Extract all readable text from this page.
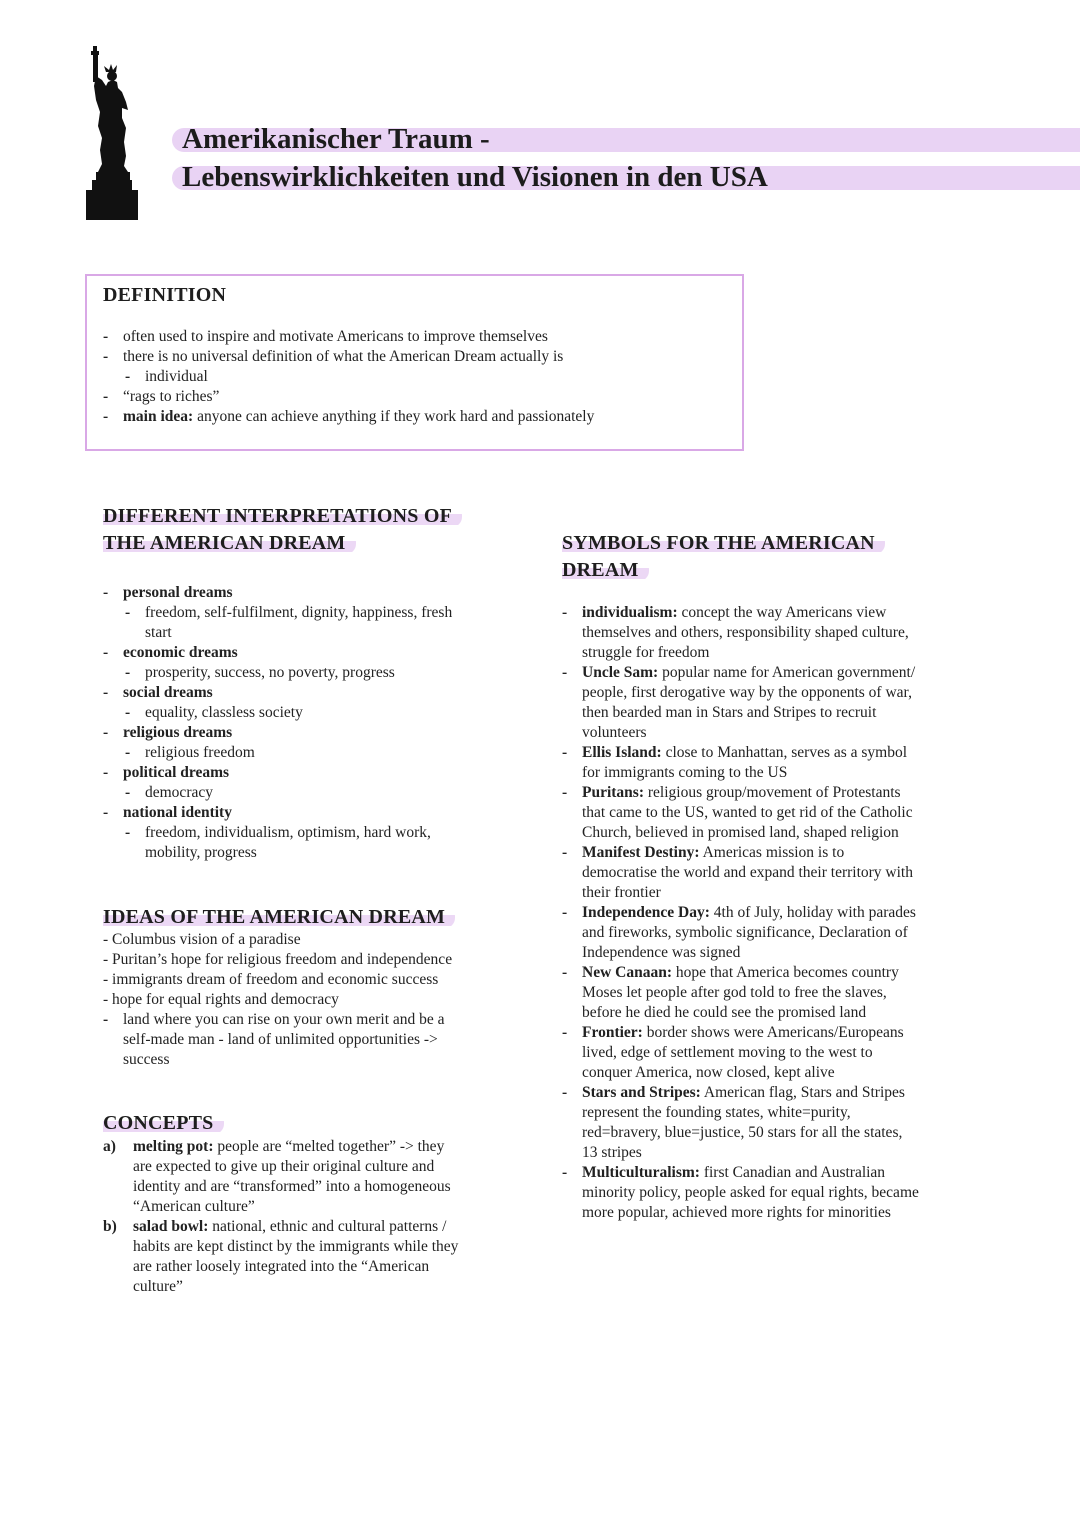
Amerikanischer Traum -
Lebenswirklichkeiten und Visionen in den USA
DEFINITION
- often used to inspire and motivate Americans to improve themselves
- there is no universal definition of what the American Dream actually is
- individual
- “rags to riches”
- main idea: anyone can achieve anything if they work hard and passionately
DIFFERENT INTERPRETATIONS OF
THE AMERICAN DREAM
- personal dreams
- freedom, self-fulfilment, dignity, happiness, fresh
start
- economic dreams
- prosperity, success, no poverty, progress
- social dreams
- equality, classless society
- religious dreams
- religious freedom
- political dreams
- democracy
- national identity
- freedom, individualism, optimism, hard work,
mobility, progress
IDEAS OF THE AMERICAN DREAM
- Columbus vision of a paradise
- Puritan’s hope for religious freedom and independence
- immigrants dream of freedom and economic success
- hope for equal rights and democracy
- land where you can rise on your own merit and be a
self-made man - land of unlimited opportunities ->
success
CONCEPTS
a) melting pot: people are “melted together” -> they
are expected to give up their original culture and
identity and are “transformed” into a homogeneous
“American culture”
b) salad bowl: national, ethnic and cultural patterns /
habits are kept distinct by the immigrants while they
are rather loosely integrated into the “American
culture”
SYMBOLS FOR THE AMERICAN
DREAM
- individualism: concept the way Americans view
themselves and others, responsibility shaped culture,
struggle for freedom
- Uncle Sam: popular name for American government/
people, first derogative way by the opponents of war,
then bearded man in Stars and Stripes to recruit
volunteers
- Ellis Island: close to Manhattan, serves as a symbol
for immigrants coming to the US
- Puritans: religious group/movement of Protestants
that came to the US, wanted to get rid of the Catholic
Church, believed in promised land, shaped religion
- Manifest Destiny: Americas mission is to
democratise the world and expand their territory with
their frontier
- Independence Day: 4th of July, holiday with parades
and fireworks, symbolic significance, Declaration of
Independence was signed
- New Canaan: hope that America becomes country
Moses let people after god told to free the slaves,
before he died he could see the promised land
- Frontier: border shows were Americans/Europeans
lived, edge of settlement moving to the west to
conquer America, now closed, kept alive
- Stars and Stripes: American flag, Stars and Stripes
represent the founding states, white=purity,
red=bravery, blue=justice, 50 stars for all the states,
13 stripes
- Multiculturalism: first Canadian and Australian
minority policy, people asked for equal rights, became
more popular, achieved more rights for minorities
